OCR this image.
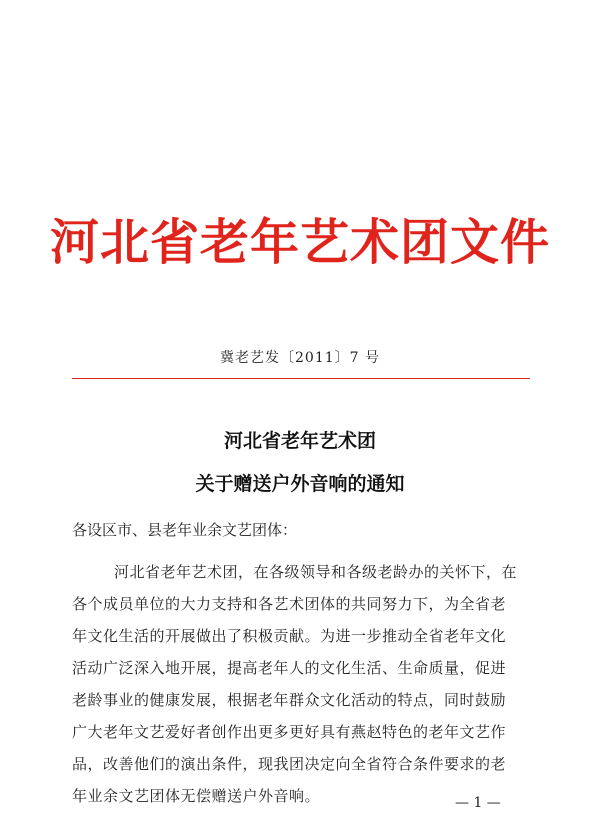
河北省老年艺术团文件
冀老艺发〔2011〕7 号
河北省老年艺术团
关于赠送户外音响的通知
各设区市、县老年业余文艺团体：
河北省老年艺术团，在各级领导和各级老龄办的关怀下，在
各个成员单位的大力支持和各艺术团体的共同努力下，为全省老
年文化生活的开展做出了积极贡献。为进一步推动全省老年文化
活动广泛深入地开展，提高老年人的文化生活、生命质量，促进
老龄事业的健康发展，根据老年群众文化活动的特点，同时鼓励
广大老年文艺爱好者创作出更多更好具有燕赵特色的老年文艺作
品，改善他们的演出条件，现我团决定向全省符合条件要求的老
年业余文艺团体无偿赠送户外音响。	— 1 —
